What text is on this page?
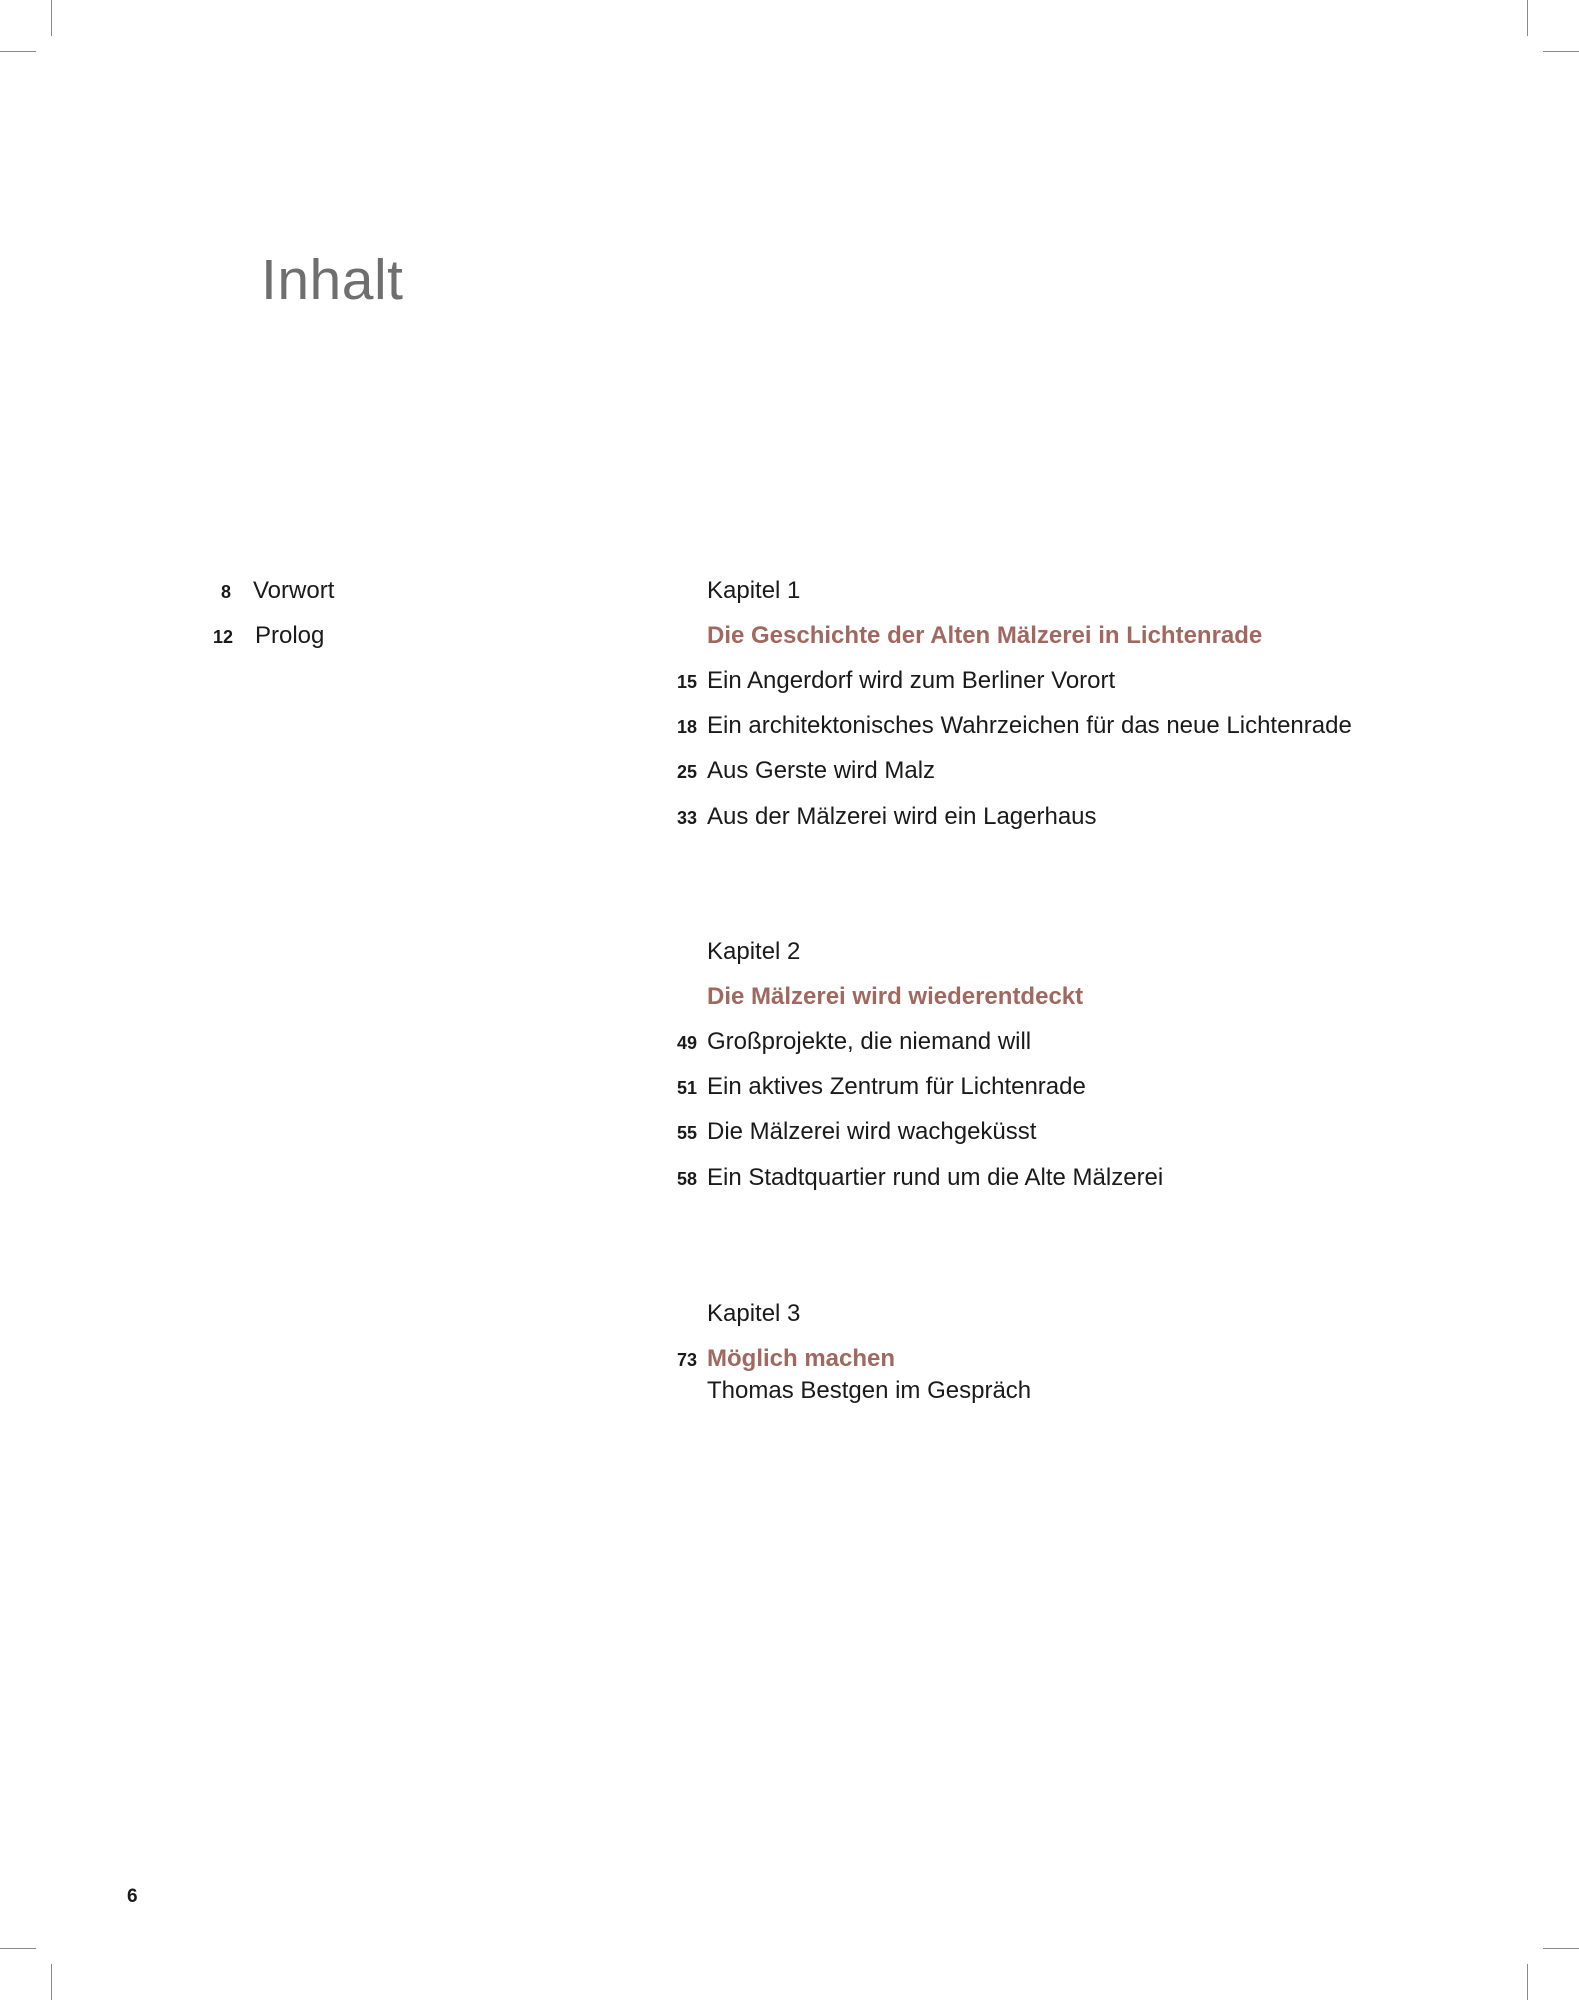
Inhalt
8 Vorwort
12 Prolog
Kapitel 1
Die Geschichte der Alten Mälzerei in Lichtenrade
15 Ein Angerdorf wird zum Berliner Vorort
18 Ein architektonisches Wahrzeichen für das neue Lichtenrade
25 Aus Gerste wird Malz
33 Aus der Mälzerei wird ein Lagerhaus
Kapitel 2
Die Mälzerei wird wiederentdeckt
49 Großprojekte, die niemand will
51 Ein aktives Zentrum für Lichtenrade
55 Die Mälzerei wird wachgeküsst
58 Ein Stadtquartier rund um die Alte Mälzerei
Kapitel 3
73 Möglich machen
Thomas Bestgen im Gespräch
6
